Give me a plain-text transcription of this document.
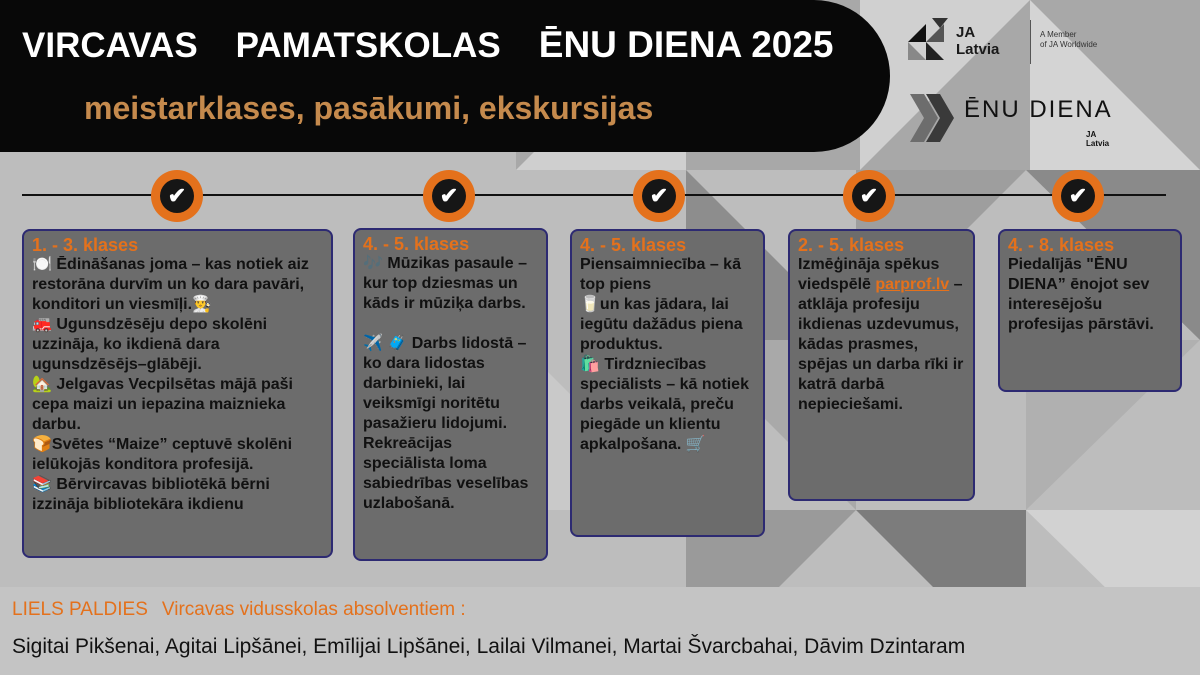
VIRCAVAS PAMATSKOLAS ĒNU DIENA 2025
meistarklases, pasākumi, ekskursijas
JA
Latvia
A Member
of JA Worldwide
ĒNU DIENA
JA
Latvia
✔	✔	✔	✔	✔
1. - 3. klases
🍽️ Ēdināšanas joma – kas notiek aiz restorāna durvīm un ko dara pavāri, konditori un viesmīļi.👨‍🍳
🚒 Ugunsdzēsēju depo skolēni uzzināja, ko ikdienā dara ugunsdzēsējs–glābēji.
🏡 Jelgavas Vecpilsētas mājā paši cepa maizi un iepazina maiznieka darbu.
🍞Svētes “Maize” ceptuvē skolēni ielūkojās konditora profesijā.
📚 Bērvircavas bibliotēkā bērni izzināja bibliotekāra ikdienu
4. - 5. klases
🎶 Mūzikas pasaule – kur top dziesmas un kāds ir mūziķa darbs.

✈️ 🧳 Darbs lidostā – ko dara lidostas darbinieki, lai veiksmīgi noritētu pasažieru lidojumi. Rekreācijas speciālista loma sabiedrības veselības uzlabošanā.
4. - 5. klases
Piensaimniecība – kā top piens
🥛un kas jādara, lai iegūtu dažādus piena produktus.
🛍️ Tirdzniecības speciālists – kā notiek darbs veikalā, preču piegāde un klientu apkalpošana. 🛒
2. - 5. klases
Izmēģināja spēkus viedspēlē parprof.lv – atklāja profesiju ikdienas uzdevumus, kādas prasmes, spējas un darba rīki ir katrā darbā nepieciešami.
4. - 8. klases
Piedalījās "ĒNU DIENA” ēnojot sev interesējošu profesijas pārstāvi.
LIELS PALDIES Vircavas vidusskolas absolventiem :
Sigitai Pikšenai, Agitai Lipšānei, Emīlijai Lipšānei, Lailai Vilmanei, Martai Švarcbahai, Dāvim Dzintaram
